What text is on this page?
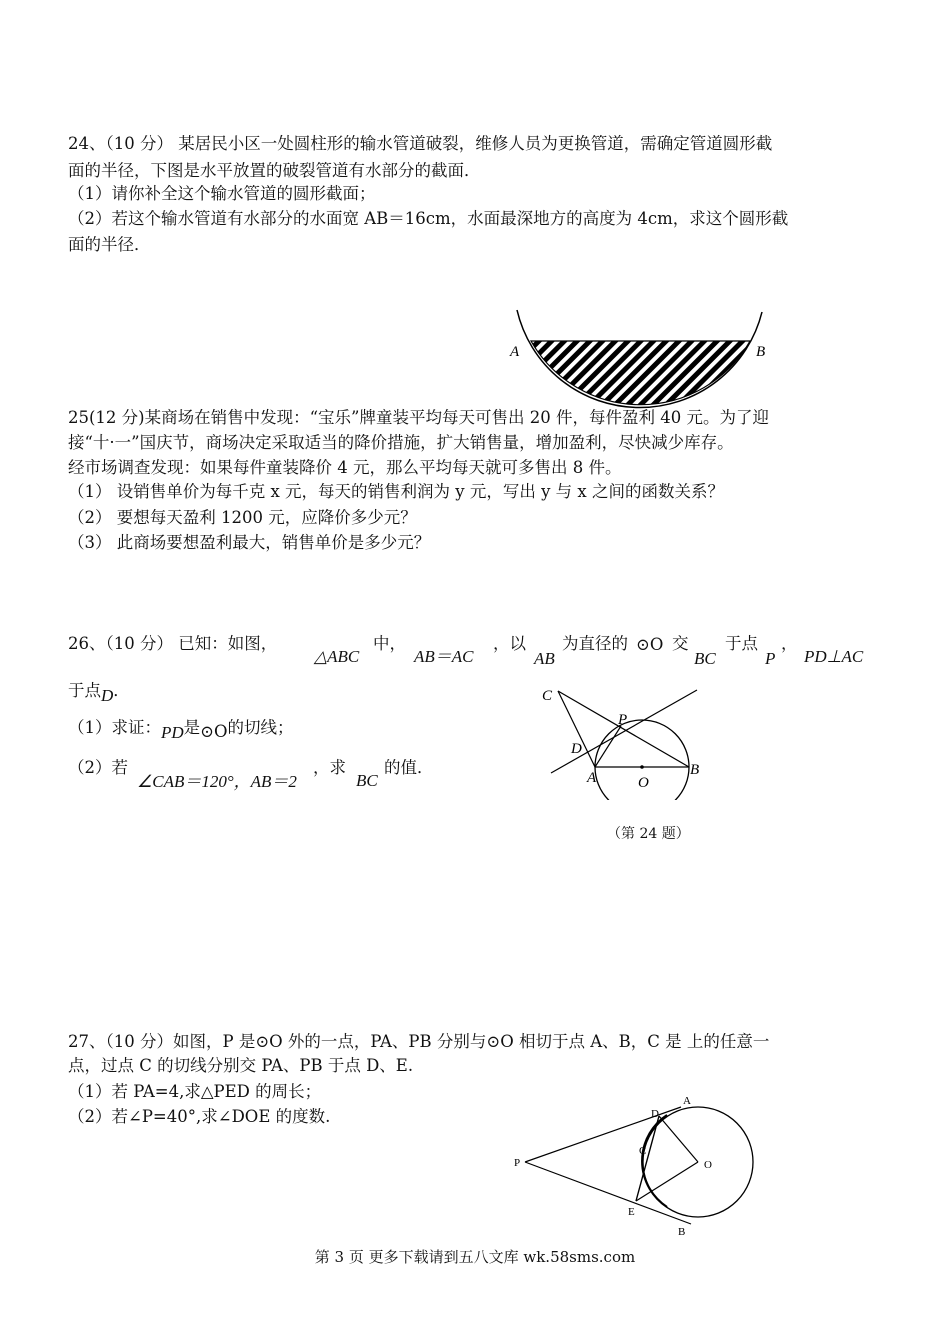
24、（10 分） 某居民小区一处圆柱形的输水管道破裂，维修人员为更换管道，需确定管道圆形截
面的半径，下图是水平放置的破裂管道有水部分的截面．
（1）请你补全这个输水管道的圆形截面；
（2）若这个输水管道有水部分的水面宽 AB＝16cm，水面最深地方的高度为 4cm，求这个圆形截
面的半径．
A	B
25(12 分)某商场在销售中发现：“宝乐”牌童装平均每天可售出 20 件，每件盈利 40 元。为了迎
接“十·一”国庆节，商场决定采取适当的降价措施，扩大销售量，增加盈利，尽快减少库存。
经市场调查发现：如果每件童装降价 4 元，那么平均每天就可多售出 8 件。
（1） 设销售单价为每千克 x 元，每天的销售利润为 y 元，写出 y 与 x 之间的函数关系？
（2） 要想每天盈利 1200 元，应降价多少元？
（3） 此商场要想盈利最大，销售单价是多少元？
26、（10 分） 已知：如图，
△ABC
中，
AB＝AC
，以
AB
为直径的 ⊙O 交
BC
于点
P
，
PD⊥AC
于点D．
（1）求证：PD是⊙O的切线；
（2）若
∠CAB＝120°，AB＝2
，求
BC
的值．
C
P
D
A	O
B
（第 24 题）
27、（10 分）如图，P 是⊙O 外的一点，PA、PB 分别与⊙O 相切于点 A、B，C 是 上的任意一
点，过点 C 的切线分别交 PA、PB 于点 D、E.
（1）若 PA=4,求△PED 的周长；
（2）若∠P=40°,求∠DOE 的度数.
A
D
C
P	O
E
B
第 3 页 更多下载请到五八文库 wk.58sms.com
